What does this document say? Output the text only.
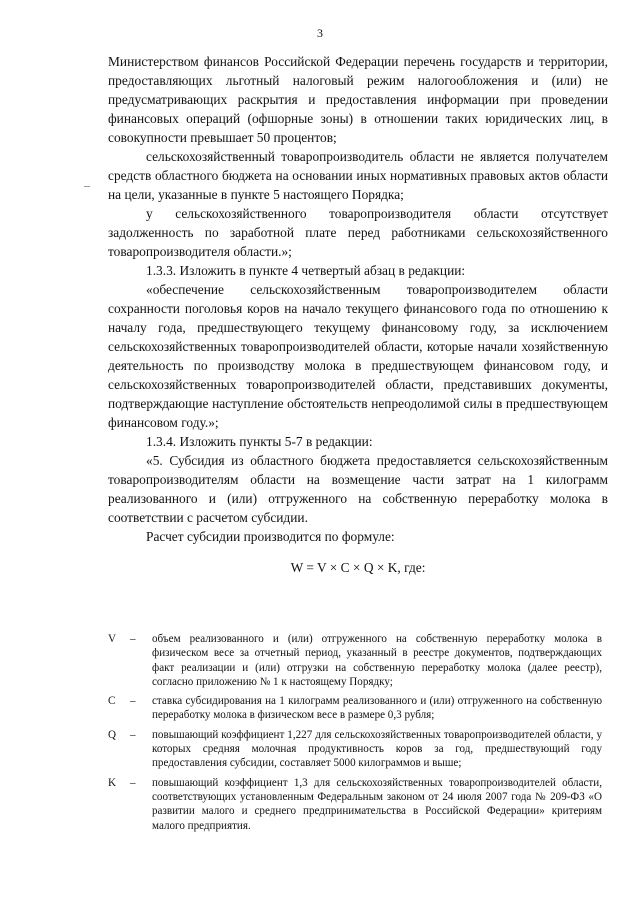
3

Министерством финансов Российской Федерации перечень государств и территории, предоставляющих льготный налоговый режим налогообложения и (или) не предусматривающих раскрытия и предоставления информации при проведении финансовых операций (офшорные зоны) в отношении таких юридических лиц, в совокупности превышает 50 процентов;

сельскохозяйственный товаропроизводитель области не является получателем средств областного бюджета на основании иных нормативных правовых актов области на цели, указанные в пункте 5 настоящего Порядка;

у сельскохозяйственного товаропроизводителя области отсутствует задолженность по заработной плате перед работниками сельскохозяйственного товаропроизводителя области.»;

1.3.3. Изложить в пункте 4 четвертый абзац в редакции:

«обеспечение сельскохозяйственным товаропроизводителем области сохранности поголовья коров на начало текущего финансового года по отношению к началу года, предшествующего текущему финансовому году, за исключением сельскохозяйственных товаропроизводителей области, которые начали хозяйственную деятельность по производству молока в предшествующем финансовом году, и сельскохозяйственных товаропроизводителей области, представивших документы, подтверждающие наступление обстоятельств непреодолимой силы в предшествующем финансовом году.»;

1.3.4. Изложить пункты 5-7 в редакции:

«5. Субсидия из областного бюджета предоставляется сельскохозяйственным товаропроизводителям области на возмещение части затрат на 1 килограмм реализованного и (или) отгруженного на собственную переработку молока в соответствии с расчетом субсидии.

Расчет субсидии производится по формуле:

W = V × C × Q × K, где:
V	–	объем реализованного и (или) отгруженного на собственную переработку молока в физическом весе за отчетный период, указанный в реестре документов, подтверждающих факт реализации и (или) отгрузки на собственную переработку молока (далее реестр), согласно приложению № 1 к настоящему Порядку;
C	–	ставка субсидирования на 1 килограмм реализованного и (или) отгруженного на собственную переработку молока в физическом весе в размере 0,3 рубля;
Q	–	повышающий коэффициент 1,227 для сельскохозяйственных товаропроизводителей области, у которых средняя молочная продуктивность коров за год, предшествующий году предоставления субсидии, составляет 5000 килограммов и выше;
K	–	повышающий коэффициент 1,3 для сельскохозяйственных товаропроизводителей области, соответствующих установленным Федеральным законом от 24 июля 2007 года № 209-ФЗ «О развитии малого и среднего предпринимательства в Российской Федерации» критериям малого предприятия.
